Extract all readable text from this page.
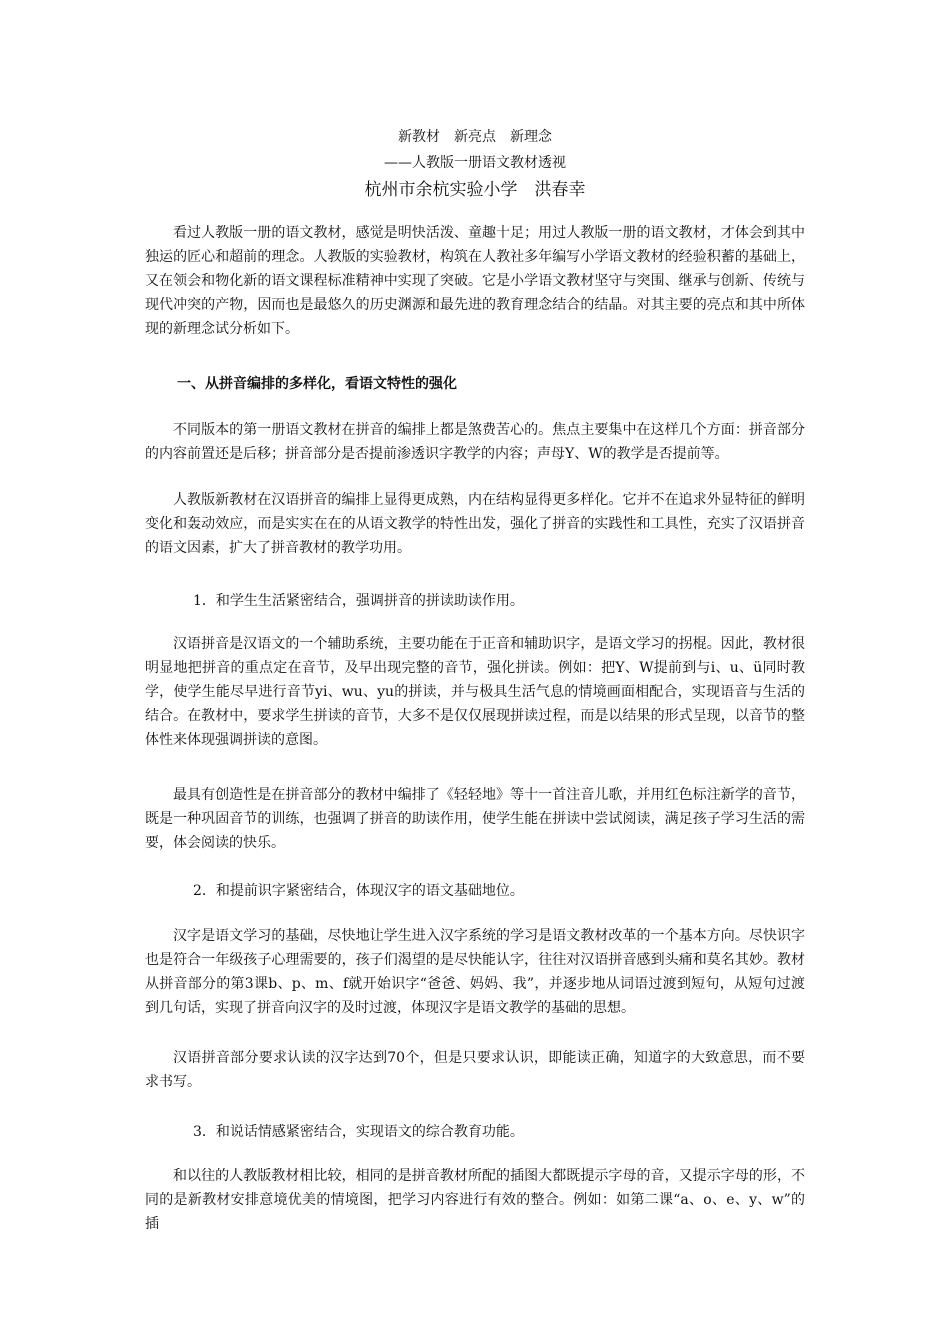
新教材　新亮点　新理念
——人教版一册语文教材透视
杭州市余杭实验小学　洪春幸

看过人教版一册的语文教材，感觉是明快活泼、童趣十足；用过人教版一册的语文教材，才体会到其中独运的匠心和超前的理念。人教版的实验教材，构筑在人教社多年编写小学语文教材的经验积蓄的基础上，又在领会和物化新的语文课程标准精神中实现了突破。它是小学语文教材坚守与突围、继承与创新、传统与现代冲突的产物，因而也是最悠久的历史渊源和最先进的教育理念结合的结晶。对其主要的亮点和其中所体现的新理念试分析如下。

一、从拼音编排的多样化，看语文特性的强化

不同版本的第一册语文教材在拼音的编排上都是煞费苦心的。焦点主要集中在这样几个方面：拼音部分的内容前置还是后移；拼音部分是否提前渗透识字教学的内容；声母Y、W的教学是否提前等。

人教版新教材在汉语拼音的编排上显得更成熟，内在结构显得更多样化。它并不在追求外显特征的鲜明变化和轰动效应，而是实实在在的从语文教学的特性出发，强化了拼音的实践性和工具性，充实了汉语拼音的语文因素，扩大了拼音教材的教学功用。

1．和学生生活紧密结合，强调拼音的拼读助读作用。

汉语拼音是汉语文的一个辅助系统，主要功能在于正音和辅助识字，是语文学习的拐棍。因此，教材很明显地把拼音的重点定在音节，及早出现完整的音节，强化拼读。例如：把Y、W提前到与i、u、ü同时教学，使学生能尽早进行音节yi、wu、yu的拼读，并与极具生活气息的情境画面相配合，实现语音与生活的结合。在教材中，要求学生拼读的音节，大多不是仅仅展现拼读过程，而是以结果的形式呈现，以音节的整体性来体现强调拼读的意图。

最具有创造性是在拼音部分的教材中编排了《轻轻地》等十一首注音儿歌，并用红色标注新学的音节，既是一种巩固音节的训练，也强调了拼音的助读作用，使学生能在拼读中尝试阅读，满足孩子学习生活的需要，体会阅读的快乐。

2．和提前识字紧密结合，体现汉字的语文基础地位。

汉字是语文学习的基础，尽快地让学生进入汉字系统的学习是语文教材改革的一个基本方向。尽快识字也是符合一年级孩子心理需要的，孩子们渴望的是尽快能认字，往往对汉语拼音感到头痛和莫名其妙。教材从拼音部分的第3课b、p、m、f就开始识字“爸爸、妈妈、我”，并逐步地从词语过渡到短句，从短句过渡到几句话，实现了拼音向汉字的及时过渡，体现汉字是语文教学的基础的思想。

汉语拼音部分要求认读的汉字达到70个，但是只要求认识，即能读正确，知道字的大致意思，而不要求书写。

3．和说话情感紧密结合，实现语文的综合教育功能。

和以往的人教版教材相比较，相同的是拼音教材所配的插图大都既提示字母的音，又提示字母的形，不同的是新教材安排意境优美的情境图，把学习内容进行有效的整合。例如：如第二课“a、o、e、y、w”的插
